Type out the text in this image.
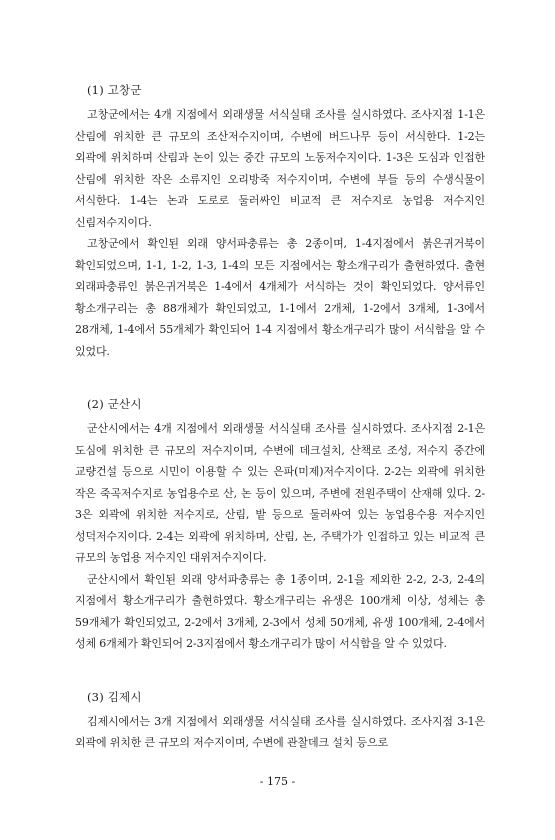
(1) 고창군

고창군에서는 4개 지점에서 외래생물 서식실태 조사를 실시하였다. 조사지점 1-1은 산림에 위치한 큰 규모의 조산저수지이며, 수변에 버드나무 등이 서식한다. 1-2는 외곽에 위치하며 산림과 논이 있는 중간 규모의 노동저수지이다. 1-3은 도심과 인접한 산림에 위치한 작은 소류지인 오리방죽 저수지이며, 수변에 부들 등의 수생식물이 서식한다. 1-4는 논과 도로로 둘러싸인 비교적 큰 저수지로 농업용 저수지인 신림저수지이다.

고창군에서 확인된 외래 양서파충류는 총 2종이며, 1-4지점에서 붉은귀거북이 확인되었으며, 1-1, 1-2, 1-3, 1-4의 모든 지점에서는 황소개구리가 출현하였다. 출현 외래파충류인 붉은귀거북은 1-4에서 4개체가 서식하는 것이 확인되었다. 양서류인 황소개구리는 총 88개체가 확인되었고, 1-1에서 2개체, 1-2에서 3개체, 1-3에서 28개체, 1-4에서 55개체가 확인되어 1-4 지점에서 황소개구리가 많이 서식함을 알 수 있었다.

(2) 군산시

군산시에서는 4개 지점에서 외래생물 서식실태 조사를 실시하였다. 조사지점 2-1은 도심에 위치한 큰 규모의 저수지이며, 수변에 데크설치, 산책로 조성, 저수지 중간에 교량건설 등으로 시민이 이용할 수 있는 은파(미제)저수지이다. 2-2는 외곽에 위치한 작은 죽곡저수지로 농업용수로 산, 논 등이 있으며, 주변에 전원주택이 산재해 있다. 2-3은 외곽에 위치한 저수지로, 산림, 밭 등으로 둘러싸여 있는 농업용수용 저수지인 성덕저수지이다. 2-4는 외곽에 위치하며, 산림, 논, 주택가가 인접하고 있는 비교적 큰 규모의 농업용 저수지인 대위저수지이다.

군산시에서 확인된 외래 양서파충류는 총 1종이며, 2-1을 제외한 2-2, 2-3, 2-4의 지점에서 황소개구리가 출현하였다. 황소개구리는 유생은 100개체 이상, 성체는 총 59개체가 확인되었고, 2-2에서 3개체, 2-3에서 성체 50개체, 유생 100개체, 2-4에서 성체 6개체가 확인되어 2-3지점에서 황소개구리가 많이 서식함을 알 수 있었다.

(3) 김제시

김제시에서는 3개 지점에서 외래생물 서식실태 조사를 실시하였다. 조사지점 3-1은 외곽에 위치한 큰 규모의 저수지이며, 수변에 관찰데크 설치 등으로

- 175 -
